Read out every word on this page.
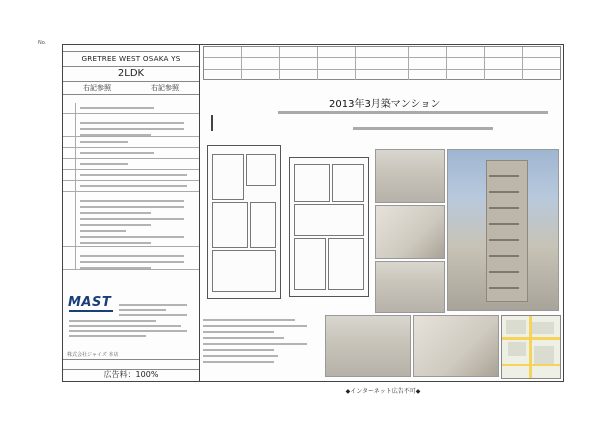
No.
GRETREE WEST OSAKA YS
2LDK
右記参照	右記参照
MAST
株式会社ジャイズ 本店
広告料：100%
2013年3月築マンション
◆インターネット広告不可◆
